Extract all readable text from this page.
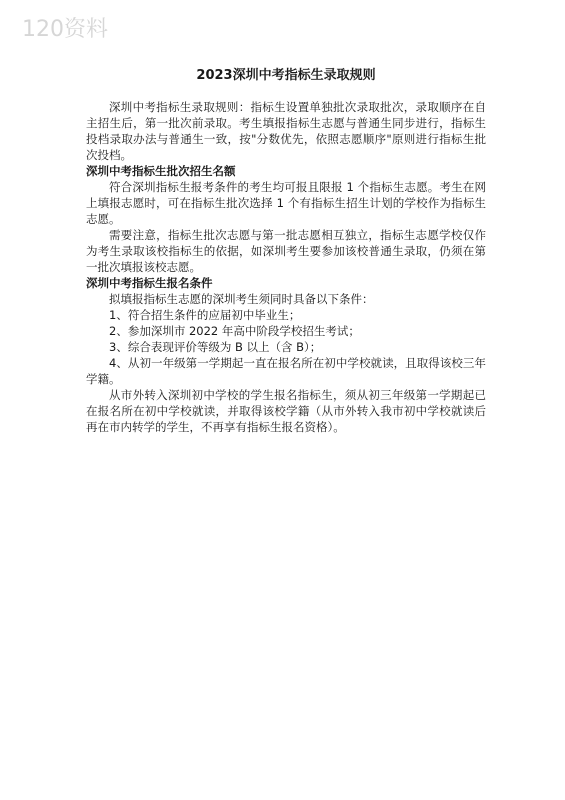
120资料
2023深圳中考指标生录取规则

深圳中考指标生录取规则：指标生设置单独批次录取批次，录取顺序在自主招生后，第一批次前录取。考生填报指标生志愿与普通生同步进行，指标生投档录取办法与普通生一致，按"分数优先，依照志愿顺序"原则进行指标生批次投档。

深圳中考指标生批次招生名额

符合深圳指标生报考条件的考生均可报且限报 1 个指标生志愿。考生在网上填报志愿时，可在指标生批次选择 1 个有指标生招生计划的学校作为指标生志愿。

需要注意，指标生批次志愿与第一批志愿相互独立，指标生志愿学校仅作为考生录取该校指标生的依据，如深圳考生要参加该校普通生录取，仍须在第一批次填报该校志愿。

深圳中考指标生报名条件

拟填报指标生志愿的深圳考生须同时具备以下条件：

1、符合招生条件的应届初中毕业生；

2、参加深圳市 2022 年高中阶段学校招生考试；

3、综合表现评价等级为 B 以上（含 B）；

4、从初一年级第一学期起一直在报名所在初中学校就读，且取得该校三年学籍。

从市外转入深圳初中学校的学生报名指标生，须从初三年级第一学期起已在报名所在初中学校就读，并取得该校学籍（从市外转入我市初中学校就读后再在市内转学的学生，不再享有指标生报名资格）。
